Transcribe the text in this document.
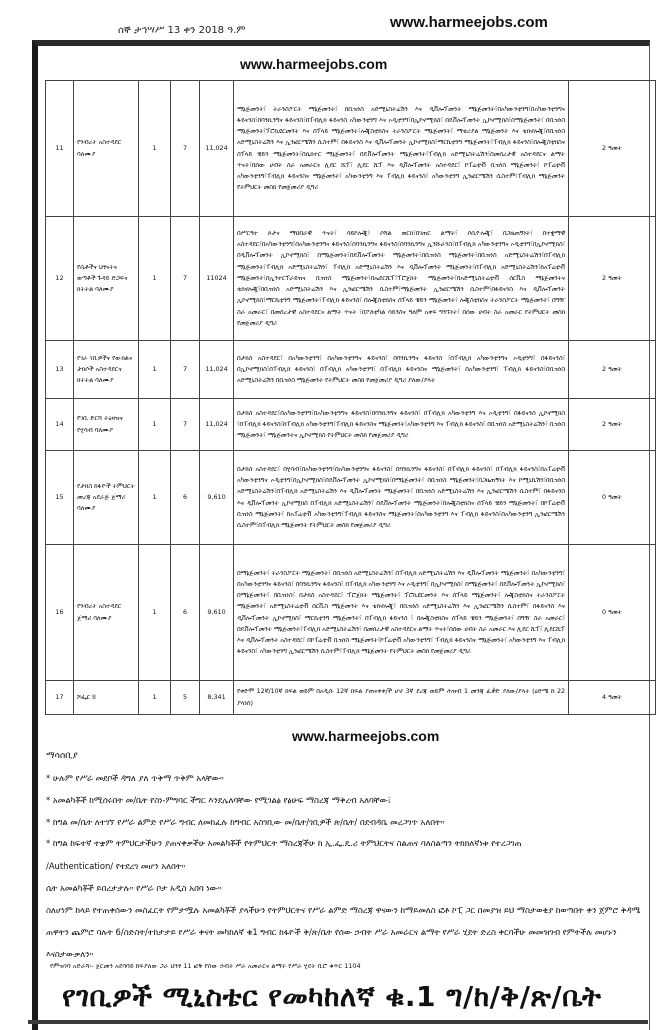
ሰኞ ታኅሣሥ 13 ቀን 2018 ዓ.ም	www.harmeejobs.com
www.harmeejobs.com
11	የንብረት አስተዳደር ባለሙያ	1	7	11,024	ማኔጅመንት፣ ትራንስፖርት ማኔጅመንት፣ በቢዝነስ አድሚኒስትሬሽን እና ዲቨሎፕመንት ማኔጅመንት፣በአካውንቲንግ፣በአካውንቲንግና ፋይናንስ፣በባንኪንግና ፋይናንስ፣በፐብሊክ ፋይናንስ አካውንቲንግ እና ኦዲቲንግ፣በኢኮኖሚክስ፣ በዴቨሎፕመንት ኢኮኖሚክስ፣በማኔጅመንት፣ በቢዝነስ ማኔጅመንት፣ፕሮኪዩርመንት እና ሰፕላይ ማኔጅመንት፣ሎጂስቲክስና ትራንስፖርት ማኔጅመንት፣ ማቴሪያል ማኔጅመንት እና ቴክኖሎጂ፣በቢዝነስ አድሚኒስትሬሽን እና ኢንፎርሜሽን ሲስተም፣ በፋይናንስ እና ዲቨሎፕመንት ኢኮኖሚክስ፣ማርኬቲንግ ማኔጅመንት፣ፐብሊክ ፋይናንስ፣በሎጂስቲክስና ሰፕላይ ቼይን ማኔጅመንት፣በሴክተር ማኔጅመንት፣ በዴቨሎፕመንት ማኔጅመንት፣ፐብሊክ አድሚኒስትሬሽን፣በመሰረታዊ አስተዳደርና ልማት ጥናት፣በሰው ሀብት ስራ አመራርና ሊደር ሺፕ፣ ሊደር ሺፕ እና ዲቨሎፕመንት አስተዳደር፣ ኮፐሬቲቭ ቢዝነስ ማኔጅመንት፣ ኮፐሬቲቭ አካውንቲንግ፣ፐብሊክ ፋይናንስና ማኔጅመንት፣ አካውንቲንግ እና ፐብሊክ ፋይናንስ፣ አካውንቲንግ ኢንፎርሜሽን ሲስተም፣ፐብሊክ ማኔጅመንት የትምህርት መስክ የመጀመሪያ ዲግሪ	2 ዓመት
12	የሴቶችና ህፃናትና ወጣቶች ጉዳይ ድጋፍና ክትትል ባለሙያ	1	7	11024	በሥርዓተ ጾታና ማህበራዊ ጥናት፣ ሳይኮሎጂ፣ ሶሻል ወርክ፣በገጠር ልማት፣ ሶሲዮሎጂ፣ በጋዜጠኝነት፣ በተቋማዊ አስተዳደር፣በአካውንቲንግ፣በአካውንቲንግና ፋይናንስ፣በባንኪንግና ፋይናንስ፣በባንኪንግና ኢንሹራንስ፣በፐብሊክ አካውንቲንግና ኦዲቲንግ፣በኢኮኖሚክስ፣ በዲቨሎፕመንት ኢኮኖሚክስ፣ በማኔጅመንት፣በዴቨሎፕመንት ማኔጅመንት፣በቢዝነስ ማኔጅመንት፣በቢዝነስ አድሚኒስትሬሽን፣በፐብሊክ ማኔጅመንት፣ፐብሊክ አድሚኒስትሬሽን፣ ፐብሊክ አድሚኒስትሬሽን እና ዲቨሎፕመንት ማኔጅመንት፣በፐብሊክ አድሚኒስትሬሽን፣ከአፕሬቲቭ ማኔጅመንት፣በኢንተርፕራይዝና ቢዝነስ ማኔጅመንት፣በኤደርሺፕ፣ፕሮጀክት ማኔጅመንት፣በአድሚኒስትሬቲቭ ሰርቪስ ማኔጅመንትና ቴክኖሎጂ፣በቢዝነስ አድሚኒስትሬሽን እና ኢንፎርሜሽን ሲስተም፣ማኔጅመንት ኢንፎርሜሽን ሲስተም፣በፋይናንስ እና ዲቨሎፕመንት ኢኮኖሚክስ፣ማርኬቲንግ ማኔጅመንት፣ፐብሊክ ፋይናንስ፣ በሎጂስቲክስና ሰፕላይ ቼይን ማኔጅመንት፣ ሎጂስቲክስና ትራንስፖርት ማኔጅመንት፣ በግዥ ስራ አመራር፣ በመሰረታዊ አስተዳደርና ልማት ጥናት ፣በፖለቲካል ሳይንስና ዓለም አቀፍ ግንኙነት፣ በሰው ሀብት ስራ አመራር የትምህርት መስክ የመጀመሪያ ዲግሪ	2 ዓመት
13	የገራ ገቢዎችና የውክልና ታክሶች አስተዳደርና ክትትል ባለሙያ	1	7	11,024	በታክስ አስተዳደር፣ በአካውንቲንግ፣ በአካውንቲንግና ፋይናንስ፣ በባንኪንግና ፋይናንስ ፣በፐብሊክ አካውንቲንግና ኦዲቲንግ፣ በፋይናንስ፣ በኢኮኖሚክስ፣በፐብሊክ ፋይናንስ፣ በፐብሊክ አካውንቲንግ፣ በፐብሊክ ፋይናንስና ማኔጅመንት፣ በአካውንቲንግ፣ ፐብሊክ ፋይናንስ፣በቢዝነስ አድሚኒስትሬሽን በቢዝነስ ማኔጅመንት የትምህርት መስክ የመጀመሪያ ዲግሪ ያለው/ያላት	2 ዓመት
14	የገቢ ድርሻ ትዕዛዝና የሂሳብ ባለሙያ	1	7	11,024	በታክስ አስተዳደር፣በአካውንቲንግ፣በአካውንቲንግና ፋይናንስ፣በባንኪንግና ፋይናንስ፣ በፐብሊክ አካውንቲንግ እና ኦዲቲንግ፣ በፋይናንስ ኢኮኖሚክስ ፣በፐብሊክ ፋይናንስ፣ከፐብሊክ አካውንቲንግ፣ፐብሊክ ፋይናንስና ማኔጅመንት፣አካውንቲንግ እና ፐብሊክ ፋይናንስ፣ በቢዝነስ አድሚኒስትሬሽን፣ ቢዝነስ ማኔጅመንት፣ ማኔጅመንትና ኢኮኖሚክስ የትምህርት መስክ የመጀመሪያ ዲግሪ	2 ዓመት
15	የታክስ ከፋዮች ትምህርት መረጃ አደራጅ ጀማሪ ባለሙያ	1	6	9,610	በታክስ አስተዳደር፣ በሂሳብ፣በአካውንቲንግ፣በአካውንቲንግና ፋይናንስ፣ በባንኪንግና ፋይናንስ፣ በፐብሊክ ፋይናንስ፣ በፐብሊክ ፋይናንስ፣በአፐሬቲቭ አካውንቲንግና ኦዲቲንግ፣በኢኮኖሚክስ፣በዴቨሎፕመንት ኢኮኖሚክስ፣በማኔጅመንት፣ በቢዝነስ ማኔጅመንት፣በጋዜጠኝነት እና ኮሚኒኬሽን፣በቢዝነስ አድሚኒስትሬሽን፣በፐብሊክ አድሚኒስትሬሽን እና ዲቨሎፕመንት ማኔጅመንት፣ በቢዝነስ አድሚኒስትሬሽን እና ኢንፎርሜሽን ሲስተም፣ በፋይናንስ እና ዲቨሎፕመንት ኢኮኖሚክስ በፐብሊክ አድሚኒስትሬሽን፣ በዴቨሎፕመንት ማኔጅመንት፣በሎጂስቲክስና ሰፕላይ ቼይን ማኔጅመንት፣ በኮፐሬቲቭ ቢዝነስ ማኔጅመንት፣ ከአፐሬቲቭ አካውንቲንግ፣ፐብሊክ ፋይናንስና ማኔጅመንት፣በአካውንቲንግ እና ፐብሊክ ፋይናንስ፣በአካውንቲንግ ኢንፎርሜሽን ሲስተም፣በፐብሊክ ማኔጅመንት የትምህርት መስክ የመጀመሪያ ዲግሪ	0 ዓመት
16	የንብረት አስተዳደር ጀማሪ ባለሙያ	1	6	9,610	በማኔጅመንት፣ ትራንስፖርት ማኔጅመንት፣ በቢዝነስ አድሚኒስትሬሽን፣ በፐብሊክ አድሚኒስትሬሽን እና ዲቨሎፕመንት ማኔጅመንት፣ በአካውንቲንግ፣ በአካውንቲንግና ፋይናንስ፣ በባንኪንግና ፋይናንስ፣ በፐብሊክ አካውንቲንግ እና ኦዲቲንግ፣ በኢኮኖሚክስ፣ በማኔጅመንት፣ በዴቨሎፕመንት ኢኮኖሚክስ፣ በማኔጅመንት፣ በቢዝነስ፣ በታክስ አስተዳደር፣ ፕሮጀክት ማኔጅመንት፣ ፕሮኪዩርመንት እና ሰፕላይ ማኔጅመንት፣ ሎጂስቲክስና ትራንስፖርት ማኔጅመንት፣ አድሚኒስትሬቲቭ ሰርቪስ ማኔጅመንት እና ቴክኖሎጂ፣ በቢዝነስ አድሚኒስትሬሽን እና ኢንፎርሜሽን ሲስተም፣ በፋይናንስ እና ዲቨሎፕመንት ኢኮኖሚክስ፣ ማርኬቲንግ ማኔጅመንት፣ በፐብሊክ ፋይናንስ ፣ በሎጂስቲክስና ሰፕላይ ቼይን ማኔጅመንት፣ በግዥ ስራ አመራር፣ በዴቨሎፕመንት ማኔጅመንት፣ፐብሊክ አድሚኒስትሬሽን፣ በመሰረታዊ አስተዳደርና ልማት ጥናት፣በሰው ሀብት ስራ አመራር እና ሊደር ሺፕ፣ ሊደርሺፕ እና ዲቨሎፕመንት አስተዳደር፣ በኮፐሬቲቭ ቢዝነስ ማኔጅመንት፣ኮፐሬቲቭ አካውንቲንግ፣ ፐብሊክ ፋይናንስና ማኔጅመንት፣ አካውንቲንግ እና ፐብሊክ ፋይናንስ፣ አካውንቲንግ ኢንፎርሜሽን ሲስተም፣ፐብሊክ ማኔጅመንት የትምህርት መስክ የመጀመሪያ ዲግሪ	0 ዓመት
17	ሾፌር II	1	5	8,341	የቀድሞ 12ኛ/10ኛ ክፍል ወይም በአዲሱ 12ኛ ክፍል ያጠናቀቀ/ች ሆኖ 3ኛ ደረጃ ወይም ሕዝብ 1 መንጃ ፈቃድ ያለው/ያላት (ዕድሜ ከ 22 ያላነሰ)	4 ዓመት
www.harmeejobs.com
ማሳሰቢያ
* ሁሉም የሥራ መደቦች ዳግለ ያለ ጥቅማ ጥቅም አላቸው።
* አመልካቾች ከሚሰሩበት መ/ቤት የስነ-ምግባር ችግር እንደሌለባቸው የሚገልፅ የፅሁፍ ማስረጃ ማቅረብ አለባቸው፤
* ከግል መ/ቤት ለተገኘ የሥራ ልምድ የሥራ ግብር ለመከፈሉ ከግብር አስገቢው መ/ቤት/ገቢዎች ጽ/ቤት/ በደብዳቤ መረጋገጥ አለበት።
* ከግል ከፍተኛ ተቋም ትምህርታችሁን ያጠናቀቃችሁ አመልካቾች የትምህርት ማስረጃችሁ ከ ኢ.ፌ.ዴ.ሪ ትምህርትና ስልጠና ባለስልጣን ትክክለኛነቱ የተረጋገጠ
/Authentication/ የተደረገ መሆን አለበት።
ሴት አመልካቾች ይበረታታሉ። የሥራ ቦታ አዲስ አበባ ነው።
ስለሆነም ከላይ የተጠቀሰውን መስፈርት የምታሟሉ አመልካቾች ያላችሁን የትምህርትና የሥራ ልምድ ማስረጃ ዋናውን ከማይመለስ ፎቶ ኮፒ ጋር በመያዝ ይህ ማስታወቂያ ከወጣበት ቀን ጀምሮ ቅዳሜ ጠዋትን ጨምሮ ባሉት 6/ስድስት/ተከታታይ የሥራ ቀናት መካከለኛ ቁ1 ግብር ከፋዮች ቅ/ጽ/ቤት የሰው ኃብት ሥራ አመራርና ልማት የሥራ ሂደት ድረስ ቀርባችሁ መመዝገብ የምትችሉ መሆኑን እናስታውቃለን።
የምዝገባ አድራሻ፡- ጀርመን አደባባይ ከፍያለው ጋራ ህንፃ 11 ፎቅ የሰው ኃብት ሥራ አመራርና ልማት የሥራ ሂደት ቢሮ ቁጥር 1104
የገቢዎች ሚኒስቴር የመካከለኛ ቁ.1 ግ/ከ/ቅ/ጽ/ቤት
